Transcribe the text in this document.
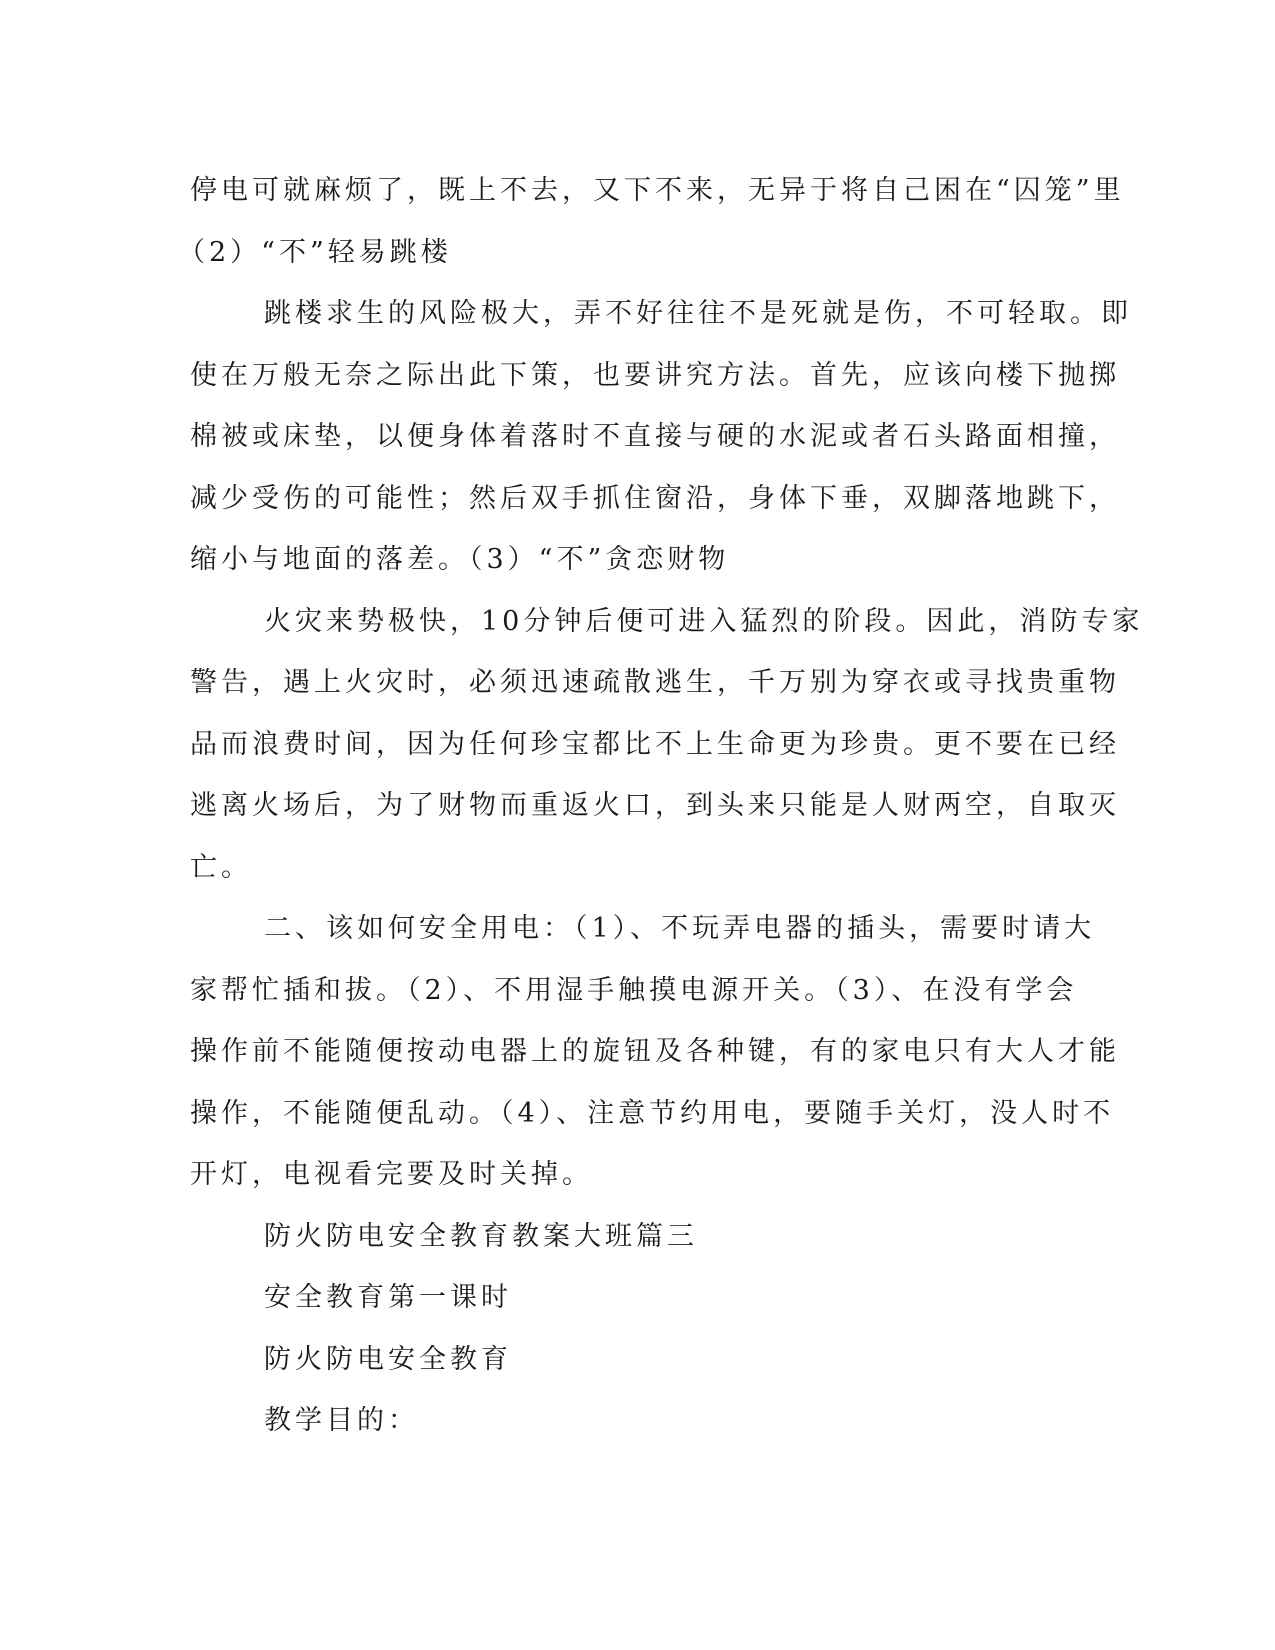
停电可就麻烦了，既上不去，又下不来，无异于将自己困在“囚笼”里
（2）“不”轻易跳楼
跳楼求生的风险极大，弄不好往往不是死就是伤，不可轻取。即
使在万般无奈之际出此下策，也要讲究方法。首先，应该向楼下抛掷
棉被或床垫，以便身体着落时不直接与硬的水泥或者石头路面相撞，
减少受伤的可能性；然后双手抓住窗沿，身体下垂，双脚落地跳下，
缩小与地面的落差。（3）“不”贪恋财物
火灾来势极快，10分钟后便可进入猛烈的阶段。因此，消防专家
警告，遇上火灾时，必须迅速疏散逃生，千万别为穿衣或寻找贵重物
品而浪费时间，因为任何珍宝都比不上生命更为珍贵。更不要在已经
逃离火场后，为了财物而重返火口，到头来只能是人财两空，自取灭
亡。
二、该如何安全用电：（1）、不玩弄电器的插头，需要时请大
家帮忙插和拔。（2）、不用湿手触摸电源开关。（3）、在没有学会
操作前不能随便按动电器上的旋钮及各种键，有的家电只有大人才能
操作，不能随便乱动。（4）、注意节约用电，要随手关灯，没人时不
开灯，电视看完要及时关掉。
防火防电安全教育教案大班篇三
安全教育第一课时
防火防电安全教育
教学目的：
